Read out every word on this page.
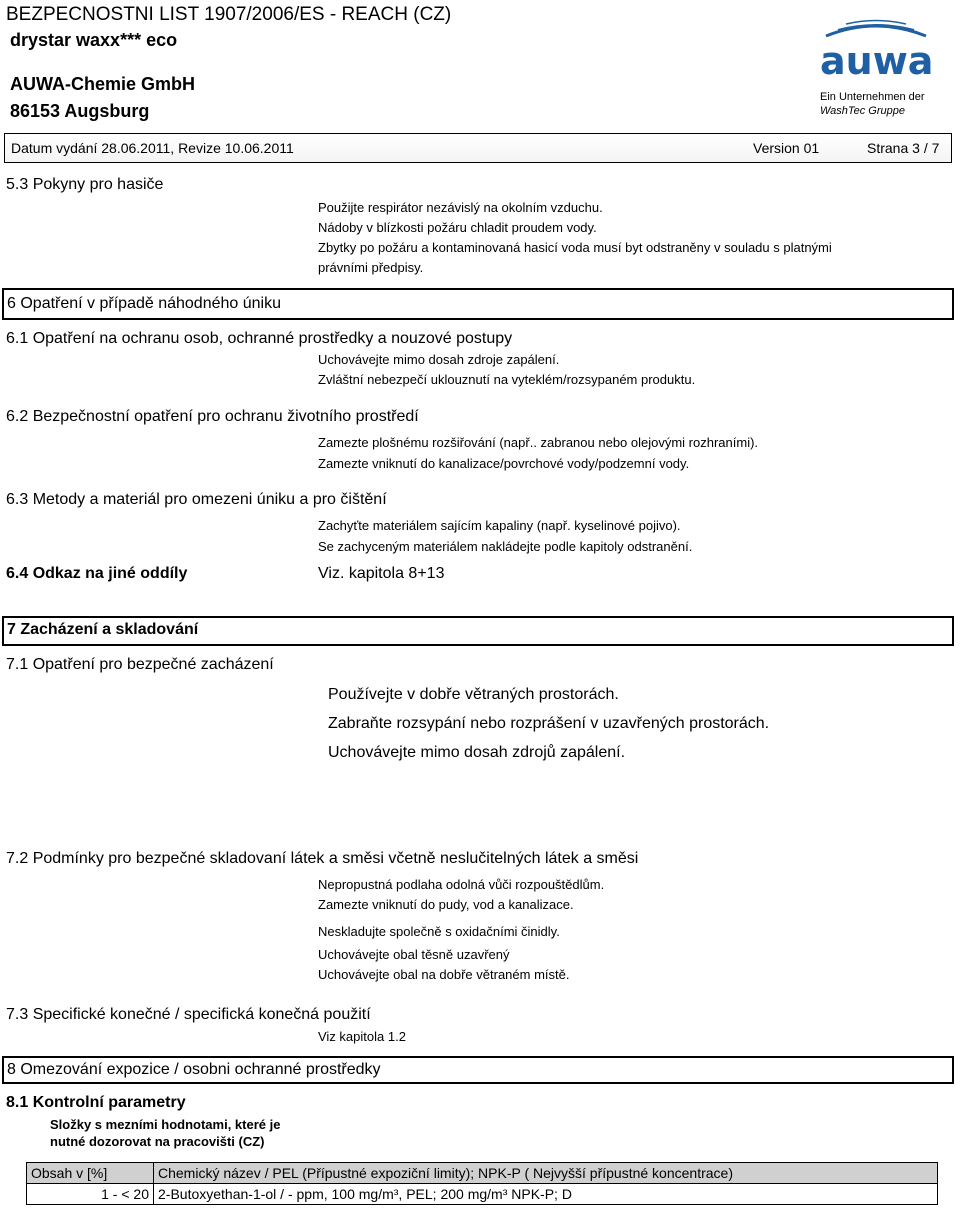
BEZPECNOSTNI LIST 1907/2006/ES - REACH (CZ)
drystar waxx*** eco
AUWA-Chemie GmbH
86153 Augsburg
auwa
Ein Unternehmen der
WashTec Gruppe
Datum vydání 28.06.2011, Revize 10.06.2011	Version 01	Strana 3 / 7
5.3 Pokyny pro hasiče
Použijte respirátor nezávislý na okolním vzduchu.
Nádoby v blízkosti požáru chladit proudem vody.
Zbytky po požáru a kontaminovaná hasicí voda musí byt odstraněny v souladu s platnými
právními předpisy.
6 Opatření v případě náhodného úniku
6.1 Opatření na ochranu osob, ochranné prostředky a nouzové postupy
Uchovávejte mimo dosah zdroje zapálení.
Zvláštní nebezpečí uklouznutí na vyteklém/rozsypaném produktu.
6.2 Bezpečnostní opatření pro ochranu životního prostředí
Zamezte plošnému rozšiřování (např.. zabranou nebo olejovými rozhraními).
Zamezte vniknutí do kanalizace/povrchové vody/podzemní vody.
6.3 Metody a materiál pro omezeni úniku a pro čištění
Zachyťte materiálem sajícím kapaliny (např. kyselinové pojivo).
Se zachyceným materiálem nakládejte podle kapitoly odstranění.
6.4 Odkaz na jiné oddíly	Viz. kapitola 8+13
7 Zacházení a skladování
7.1 Opatření pro bezpečné zacházení
Používejte v dobře větraných prostorách.
Zabraňte rozsypání nebo rozprášení v uzavřených prostorách.
Uchovávejte mimo dosah zdrojů zapálení.
7.2 Podmínky pro bezpečné skladovaní látek a směsi včetně neslučitelných látek a směsi
Nepropustná podlaha odolná vůči rozpouštědlům.
Zamezte vniknutí do pudy, vod a kanalizace.
Neskladujte společně s oxidačními činidly.
Uchovávejte obal těsně uzavřený
Uchovávejte obal na dobře větraném místě.
7.3 Specifické konečné / specifická konečná použití
Viz kapitola 1.2
8 Omezování expozice / osobni ochranné prostředky
8.1 Kontrolní parametry
Složky s mezními hodnotami, které je
nutné dozorovat na pracovišti (CZ)
Obsah v [%]	Chemický název / PEL (Přípustné expoziční limity); NPK-P ( Nejvyšší přípustné koncentrace)
1 - < 20	2-Butoxyethan-1-ol / - ppm, 100 mg/m³, PEL; 200 mg/m³ NPK-P; D
